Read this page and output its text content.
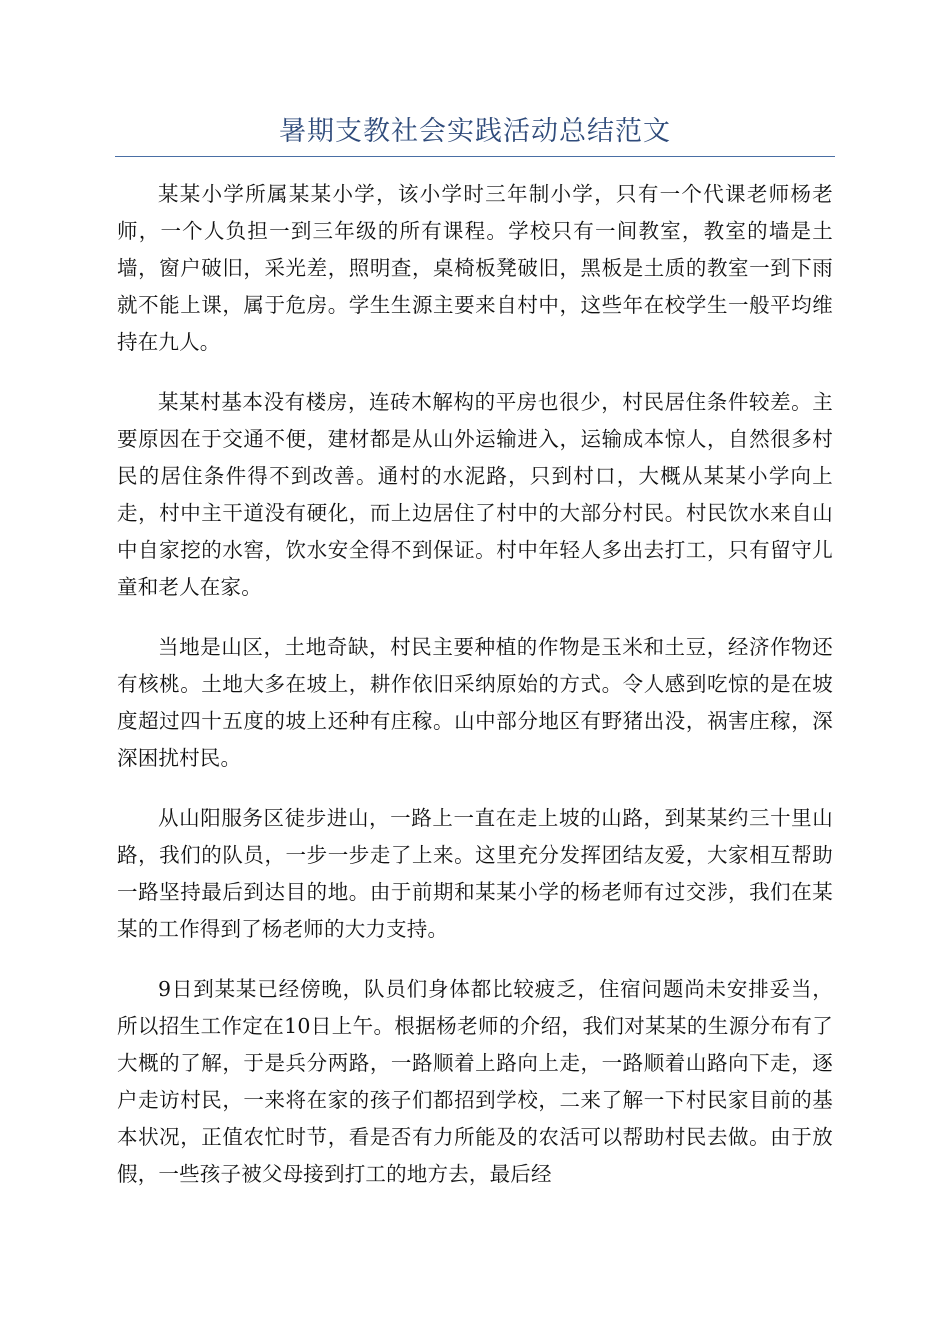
暑期支教社会实践活动总结范文

某某小学所属某某小学，该小学时三年制小学，只有一个代课老师杨老师，一个人负担一到三年级的所有课程。学校只有一间教室，教室的墙是土墙，窗户破旧，采光差，照明查，桌椅板凳破旧，黑板是土质的教室一到下雨就不能上课，属于危房。学生生源主要来自村中，这些年在校学生一般平均维持在九人。

某某村基本没有楼房，连砖木解构的平房也很少，村民居住条件较差。主要原因在于交通不便，建材都是从山外运输进入，运输成本惊人，自然很多村民的居住条件得不到改善。通村的水泥路，只到村口，大概从某某小学向上走，村中主干道没有硬化，而上边居住了村中的大部分村民。村民饮水来自山中自家挖的水窖，饮水安全得不到保证。村中年轻人多出去打工，只有留守儿童和老人在家。

当地是山区，土地奇缺，村民主要种植的作物是玉米和土豆，经济作物还有核桃。土地大多在坡上，耕作依旧采纳原始的方式。令人感到吃惊的是在坡度超过四十五度的坡上还种有庄稼。山中部分地区有野猪出没，祸害庄稼，深深困扰村民。

从山阳服务区徒步进山，一路上一直在走上坡的山路，到某某约三十里山路，我们的队员，一步一步走了上来。这里充分发挥团结友爱，大家相互帮助一路坚持最后到达目的地。由于前期和某某小学的杨老师有过交涉，我们在某某的工作得到了杨老师的大力支持。

9日到某某已经傍晚，队员们身体都比较疲乏，住宿问题尚未安排妥当，所以招生工作定在10日上午。根据杨老师的介绍，我们对某某的生源分布有了大概的了解，于是兵分两路，一路顺着上路向上走，一路顺着山路向下走，逐户走访村民，一来将在家的孩子们都招到学校，二来了解一下村民家目前的基本状况，正值农忙时节，看是否有力所能及的农活可以帮助村民去做。由于放假，一些孩子被父母接到打工的地方去，最后经
